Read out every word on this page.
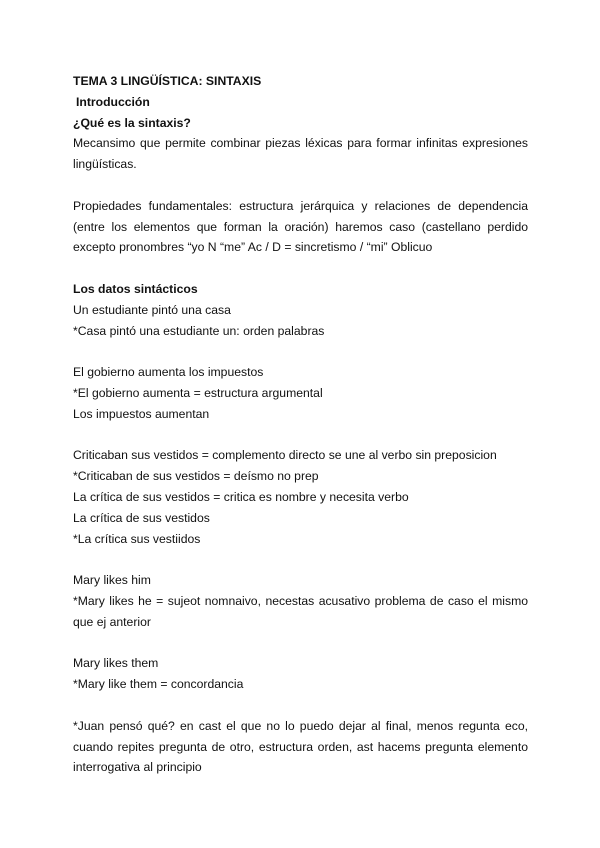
TEMA 3 LINGÜÍSTICA: SINTAXIS

Introducción

¿Qué es la sintaxis?

Mecansimo que permite combinar piezas léxicas para formar infinitas expresiones lingüísticas.

Propiedades fundamentales: estructura jerárquica y relaciones de dependencia (entre los elementos que forman la oración) haremos caso (castellano perdido excepto pronombres “yo N “me” Ac / D = sincretismo / “mi” Oblicuo

Los datos sintácticos

Un estudiante pintó una casa

*Casa pintó una estudiante un: orden palabras

El gobierno aumenta los impuestos

*El gobierno aumenta = estructura argumental

Los impuestos aumentan

Criticaban sus vestidos = complemento directo se une al verbo sin preposicion

*Criticaban de sus vestidos = deísmo no prep

La crítica de sus vestidos = critica es nombre y necesita verbo

La crítica de sus vestidos

*La crítica sus vestiidos

Mary likes him

*Mary likes he = sujeot nomnaivo, necestas acusativo problema de caso el mismo que ej anterior

Mary likes them

*Mary like them = concordancia

*Juan pensó qué? en cast el que no lo puedo dejar al final, menos regunta eco, cuando repites pregunta de otro, estructura orden, ast hacems pregunta elemento interrogativa al principio
